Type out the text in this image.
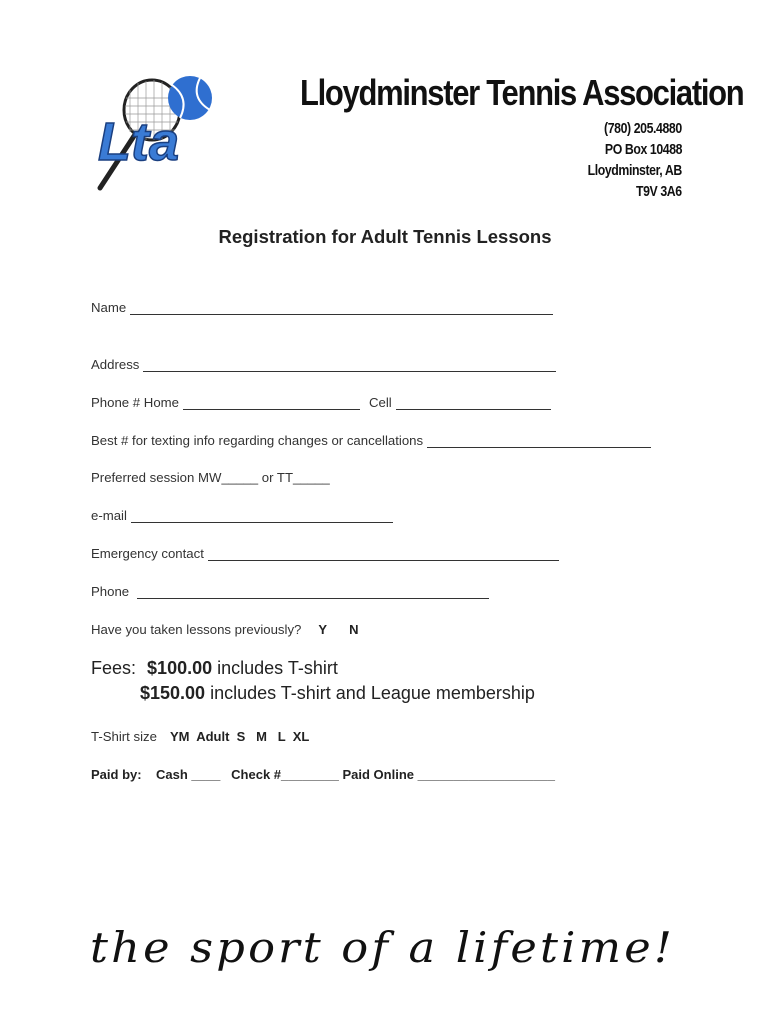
Lta
Lloydminster Tennis Association
(780) 205.4880
PO Box 10488
Lloydminster, AB
T9V 3A6
Registration for Adult Tennis Lessons
Name
Address
Phone # Home	Cell
Best # for texting info regarding changes or cancellations
Preferred session MW_____ or TT_____
e-mail
Emergency contact
Phone
Have you taken lessons previously? Y N
Fees: $100.00 includes T-shirt
$150.00 includes T-shirt and League membership
T-Shirt size YM  Adult  S   M   L  XL
Paid by:    Cash ____   Check #________ Paid Online ___________________
the sport of a lifetime!
